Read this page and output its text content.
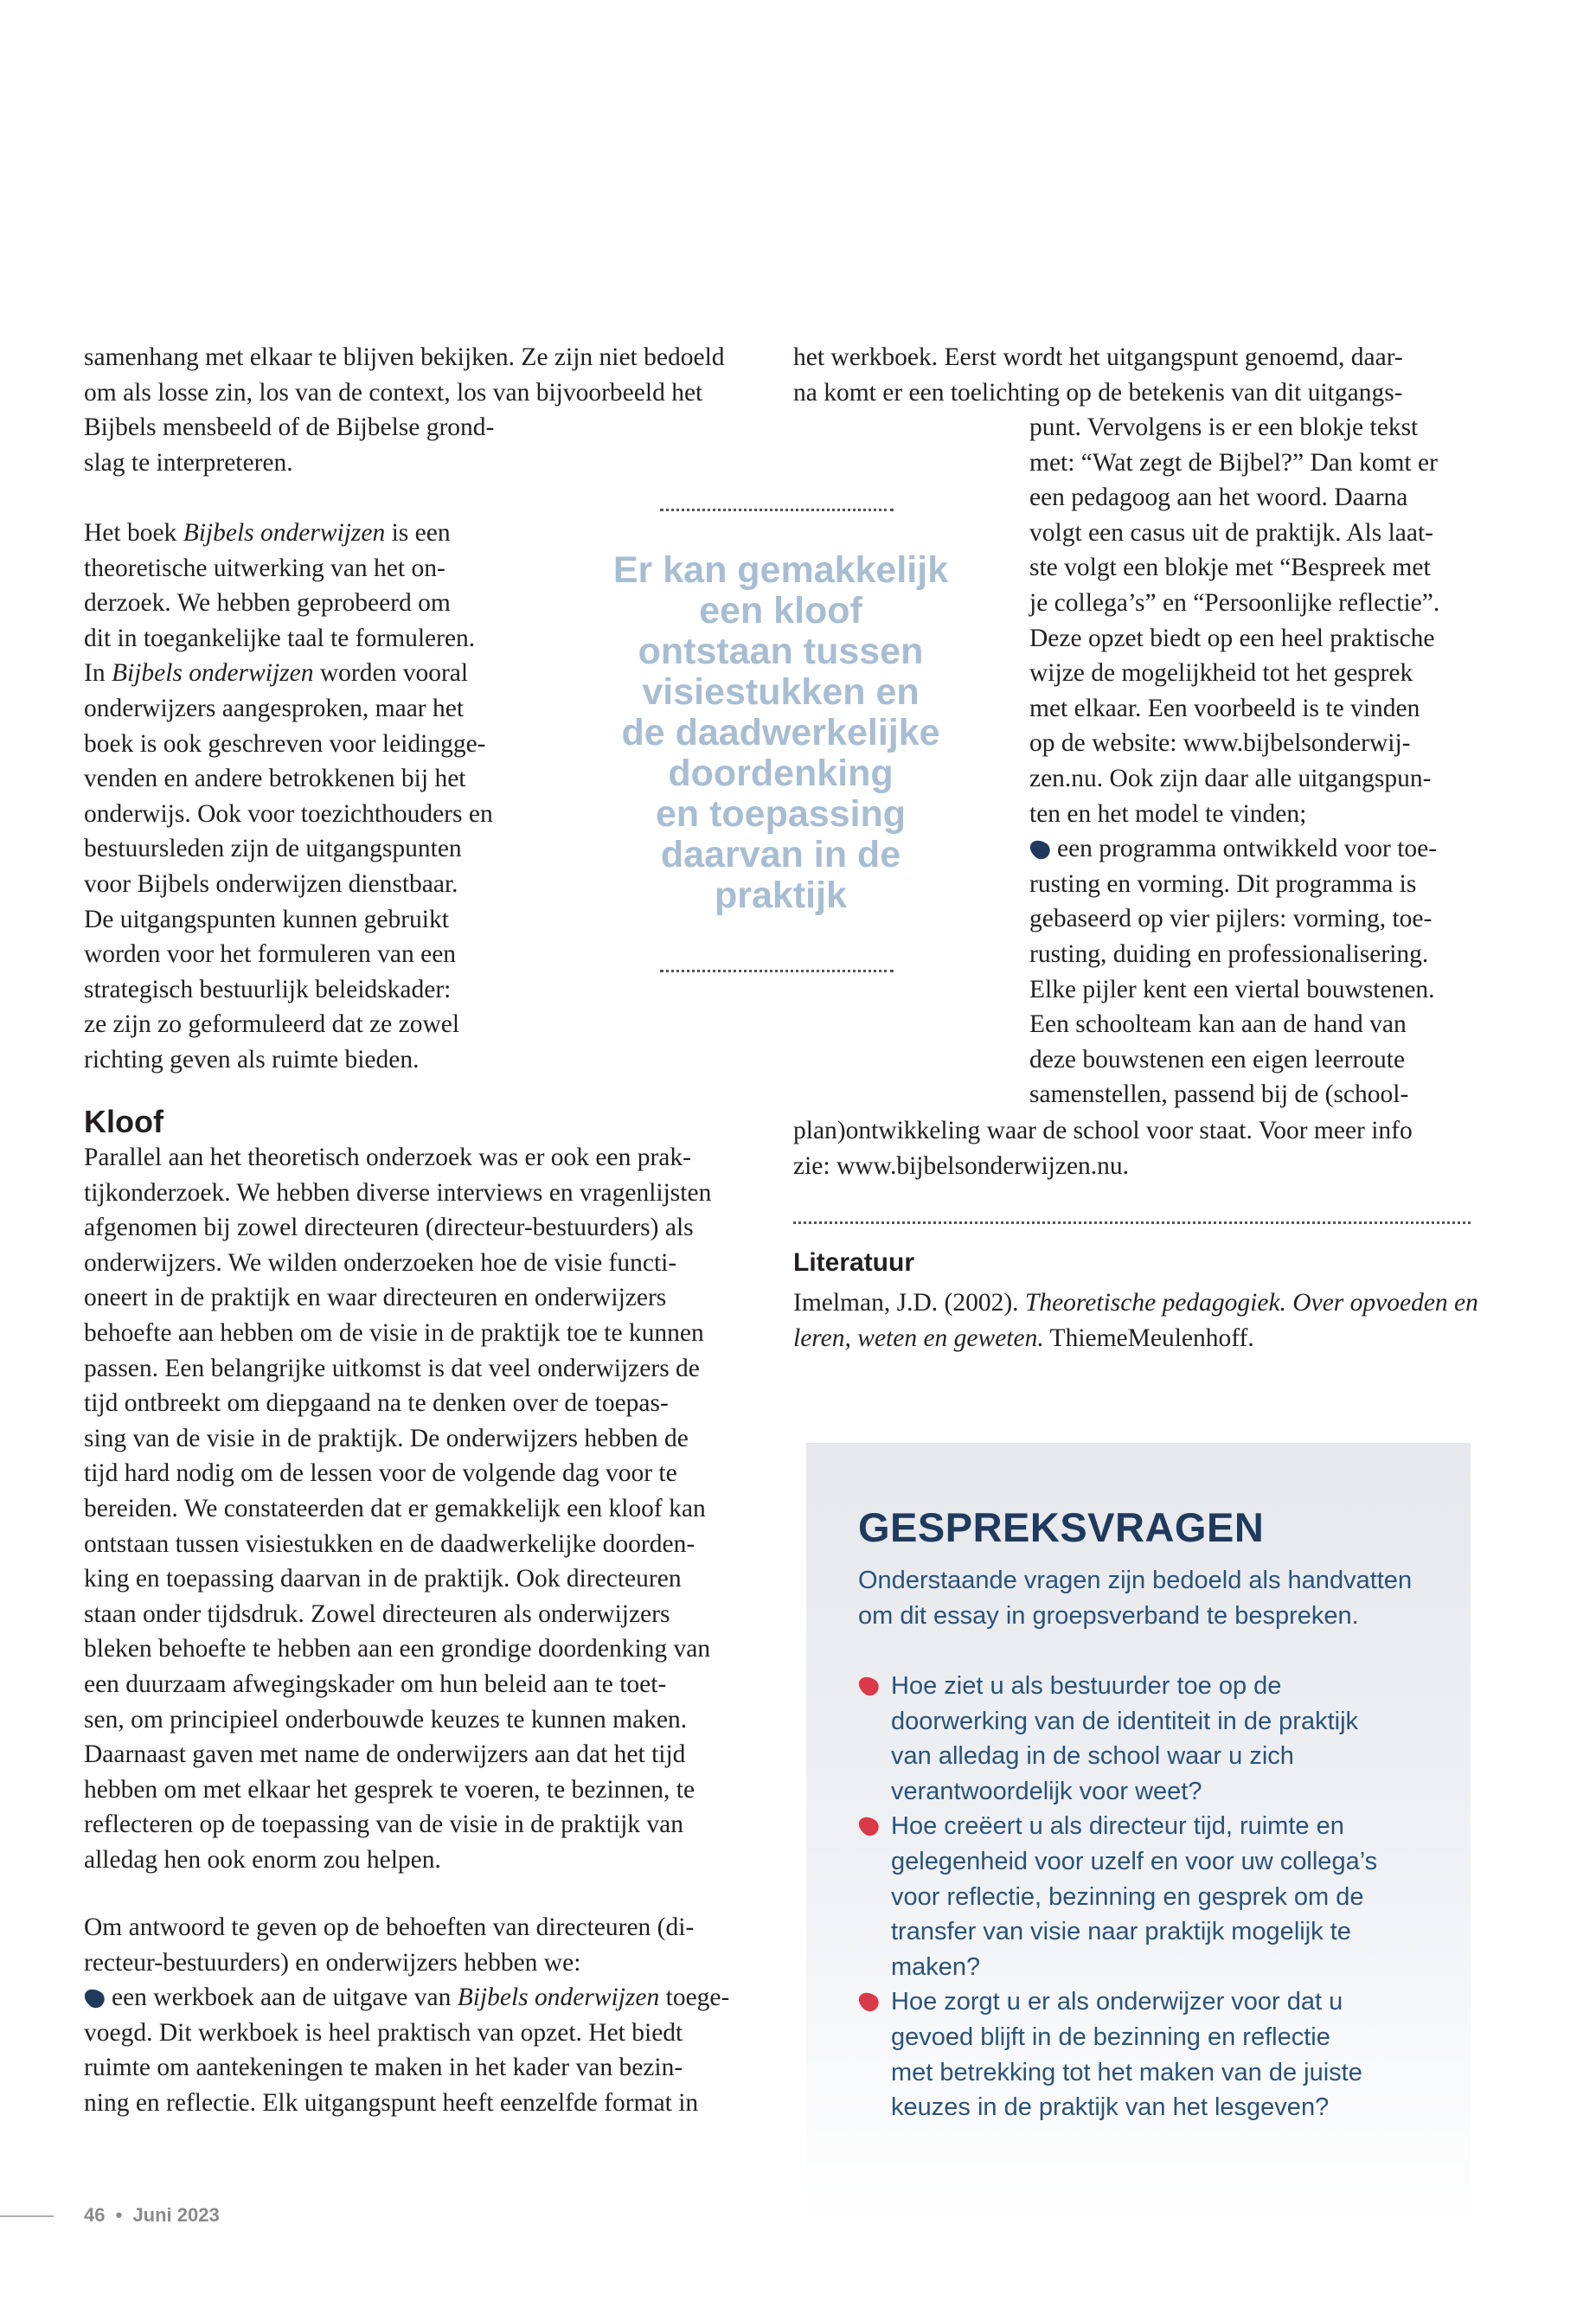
samenhang met elkaar te blijven bekijken. Ze zijn niet bedoeld
om als losse zin, los van de context, los van bijvoorbeeld het
Bijbels mensbeeld of de Bijbelse grond-
slag te interpreteren.
Het boek Bijbels onderwijzen is een
theoretische uitwerking van het on-
derzoek. We hebben geprobeerd om
dit in toegankelijke taal te formuleren.
In Bijbels onderwijzen worden vooral
onderwijzers aangesproken, maar het
boek is ook geschreven voor leidingge-
venden en andere betrokkenen bij het
onderwijs. Ook voor toezichthouders en
bestuursleden zijn de uitgangspunten
voor Bijbels onderwijzen dienstbaar.
De uitgangspunten kunnen gebruikt
worden voor het formuleren van een
strategisch bestuurlijk beleidskader:
ze zijn zo geformuleerd dat ze zowel
richting geven als ruimte bieden.
Kloof
Parallel aan het theoretisch onderzoek was er ook een prak-
tijkonderzoek. We hebben diverse interviews en vragenlijsten
afgenomen bij zowel directeuren (directeur-bestuurders) als
onderwijzers. We wilden onderzoeken hoe de visie functi-
oneert in de praktijk en waar directeuren en onderwijzers
behoefte aan hebben om de visie in de praktijk toe te kunnen
passen. Een belangrijke uitkomst is dat veel onderwijzers de
tijd ontbreekt om diepgaand na te denken over de toepas-
sing van de visie in de praktijk. De onderwijzers hebben de
tijd hard nodig om de lessen voor de volgende dag voor te
bereiden. We constateerden dat er gemakkelijk een kloof kan
ontstaan tussen visiestukken en de daadwerkelijke doorden-
king en toepassing daarvan in de praktijk. Ook directeuren
staan onder tijdsdruk. Zowel directeuren als onderwijzers
bleken behoefte te hebben aan een grondige doordenking van
een duurzaam afwegingskader om hun beleid aan te toet-
sen, om principieel onderbouwde keuzes te kunnen maken.
Daarnaast gaven met name de onderwijzers aan dat het tijd
hebben om met elkaar het gesprek te voeren, te bezinnen, te
reflecteren op de toepassing van de visie in de praktijk van
alledag hen ook enorm zou helpen.
Om antwoord te geven op de behoeften van directeuren (di-
recteur-bestuurders) en onderwijzers hebben we:
een werkboek aan de uitgave van Bijbels onderwijzen toege-
voegd. Dit werkboek is heel praktisch van opzet. Het biedt
ruimte om aantekeningen te maken in het kader van bezin-
ning en reflectie. Elk uitgangspunt heeft eenzelfde format in
Er kan gemakkelijk
een kloof
ontstaan tussen
visiestukken en
de daadwerkelijke
doordenking
en toepassing
daarvan in de
praktijk
het werkboek. Eerst wordt het uitgangspunt genoemd, daar-
na komt er een toelichting op de betekenis van dit uitgangs-
punt. Vervolgens is er een blokje tekst
met: “Wat zegt de Bijbel?” Dan komt er
een pedagoog aan het woord. Daarna
volgt een casus uit de praktijk. Als laat-
ste volgt een blokje met “Bespreek met
je collega’s” en “Persoonlijke reflectie”.
Deze opzet biedt op een heel praktische
wijze de mogelijkheid tot het gesprek
met elkaar. Een voorbeeld is te vinden
op de website: www.bijbelsonderwij-
zen.nu. Ook zijn daar alle uitgangspun-
ten en het model te vinden;
een programma ontwikkeld voor toe-
rusting en vorming. Dit programma is
gebaseerd op vier pijlers: vorming, toe-
rusting, duiding en professionalisering.
Elke pijler kent een viertal bouwstenen.
Een schoolteam kan aan de hand van
deze bouwstenen een eigen leerroute
samenstellen, passend bij de (school-
plan)ontwikkeling waar de school voor staat. Voor meer info
zie: www.bijbelsonderwijzen.nu.
Literatuur
Imelman, J.D. (2002). Theoretische pedagogiek. Over opvoeden en
leren, weten en geweten. ThiemeMeulenhoff.
GESPREKSVRAGEN
Onderstaande vragen zijn bedoeld als handvatten
om dit essay in groepsverband te bespreken.
Hoe ziet u als bestuurder toe op de
doorwerking van de identiteit in de praktijk
van alledag in de school waar u zich
verantwoordelijk voor weet?
Hoe creëert u als directeur tijd, ruimte en
gelegenheid voor uzelf en voor uw collega’s
voor reflectie, bezinning en gesprek om de
transfer van visie naar praktijk mogelijk te
maken?
Hoe zorgt u er als onderwijzer voor dat u
gevoed blijft in de bezinning en reflectie
met betrekking tot het maken van de juiste
keuzes in de praktijk van het lesgeven?
46 • Juni 2023
